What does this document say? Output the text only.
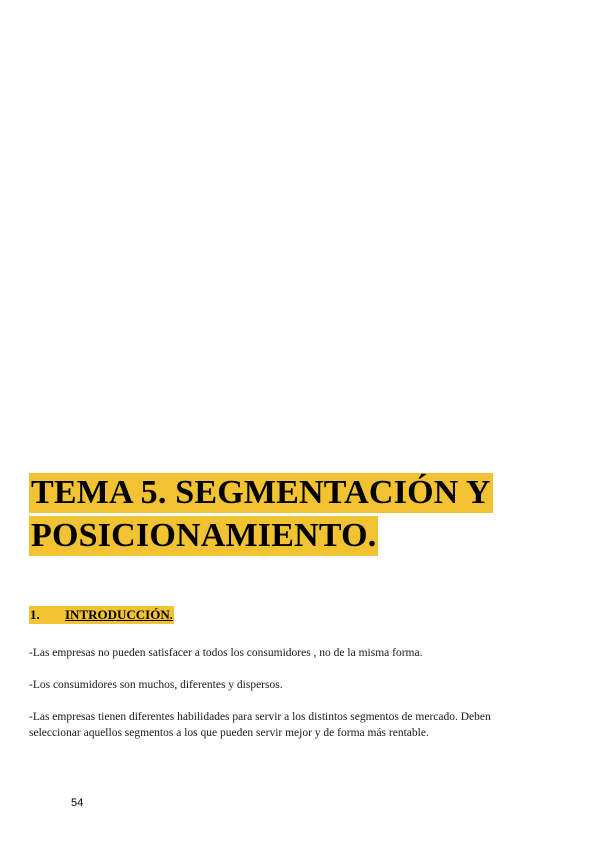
TEMA 5. SEGMENTACIÓN Y
POSICIONAMIENTO.
1. INTRODUCCIÓN.
-Las empresas no pueden satisfacer a todos los consumidores , no de la misma forma.
-Los consumidores son muchos, diferentes y dispersos.
-Las empresas tienen diferentes habilidades para servir a los distintos segmentos de mercado. Deben seleccionar aquellos segmentos a los que pueden servir mejor y de forma más rentable.
54
